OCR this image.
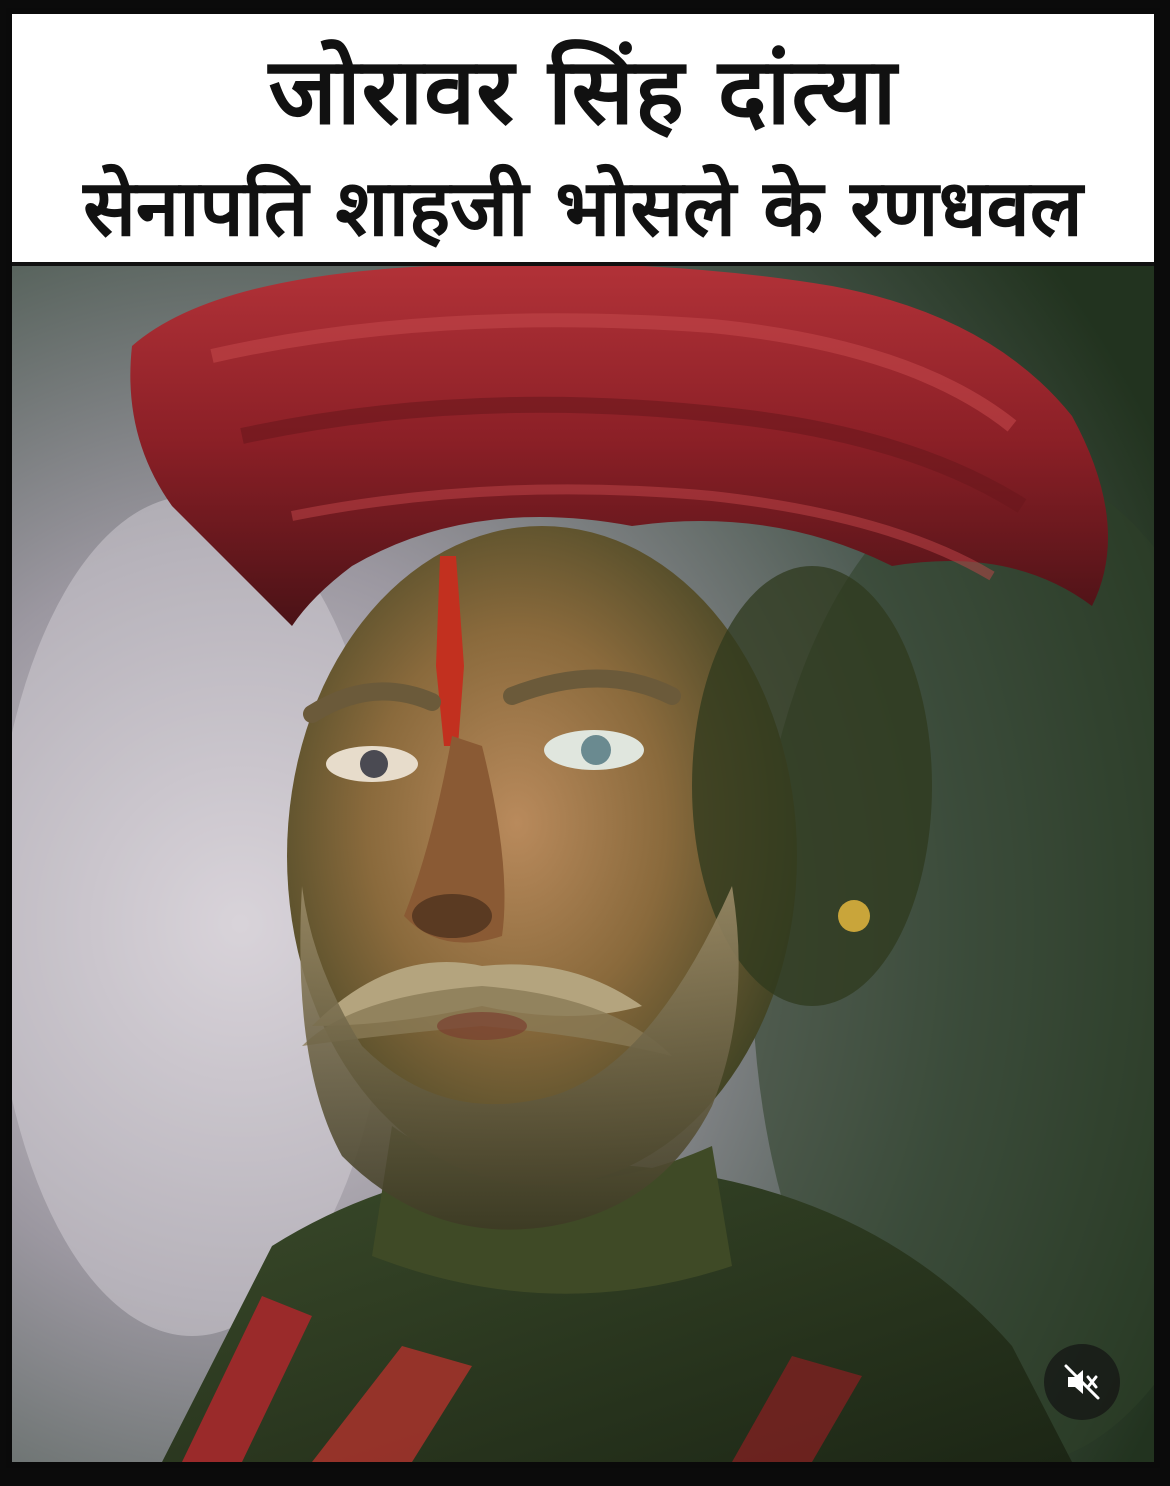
जोरावर सिंह दांत्या
सेनापति शाहजी भोसले के रणधवल
